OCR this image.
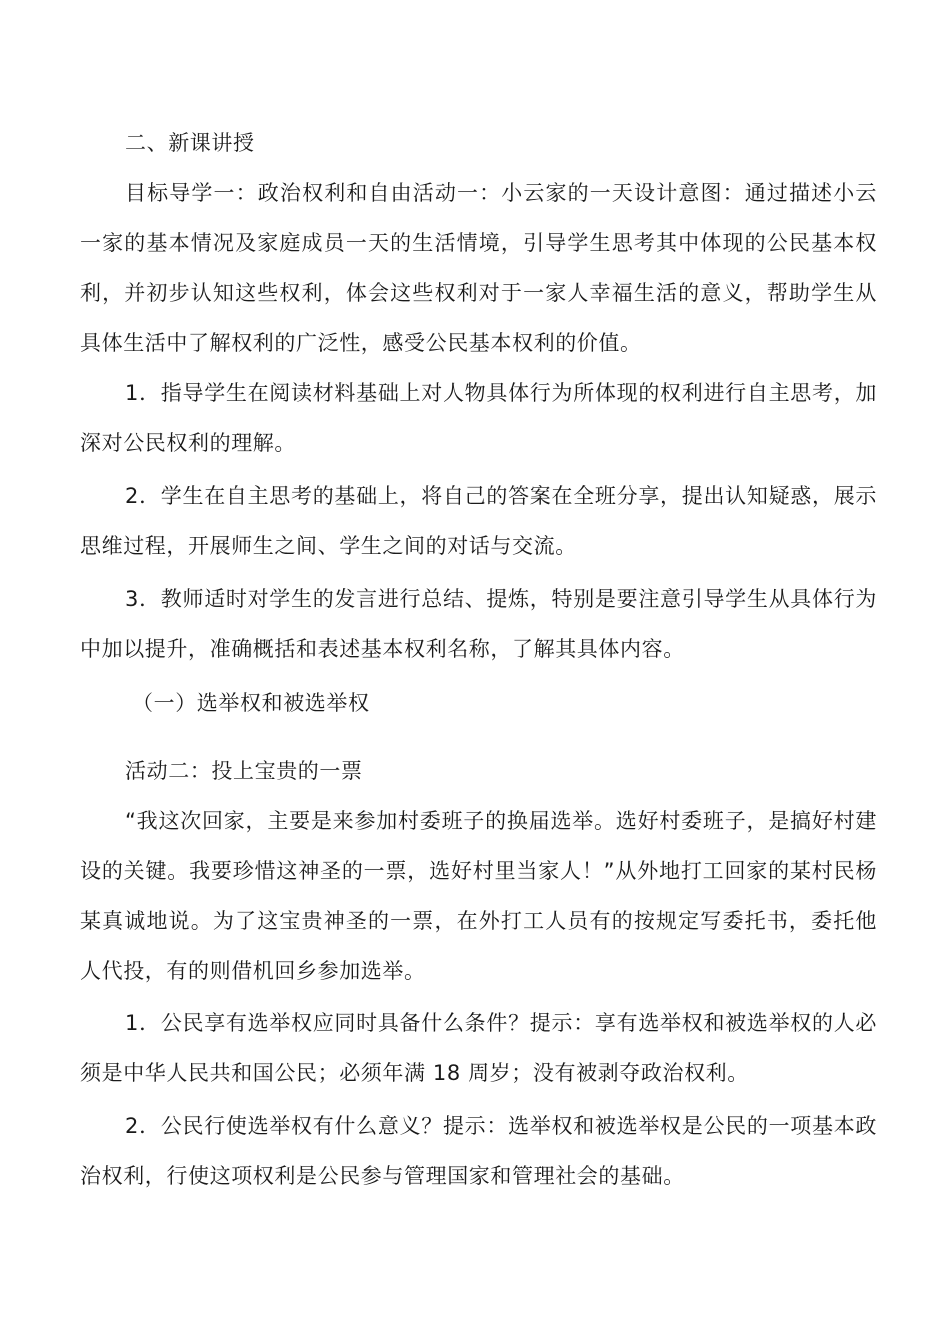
二、新课讲授

目标导学一：政治权利和自由活动一：小云家的一天设计意图：通过描述小云一家的基本情况及家庭成员一天的生活情境，引导学生思考其中体现的公民基本权利，并初步认知这些权利，体会这些权利对于一家人幸福生活的意义，帮助学生从具体生活中了解权利的广泛性，感受公民基本权利的价值。

1．指导学生在阅读材料基础上对人物具体行为所体现的权利进行自主思考，加深对公民权利的理解。

2．学生在自主思考的基础上，将自己的答案在全班分享，提出认知疑惑，展示思维过程，开展师生之间、学生之间的对话与交流。

3．教师适时对学生的发言进行总结、提炼，特别是要注意引导学生从具体行为中加以提升，准确概括和表述基本权利名称，了解其具体内容。

（一）选举权和被选举权

活动二：投上宝贵的一票

“我这次回家，主要是来参加村委班子的换届选举。选好村委班子，是搞好村建设的关键。我要珍惜这神圣的一票，选好村里当家人！”从外地打工回家的某村民杨某真诚地说。为了这宝贵神圣的一票，在外打工人员有的按规定写委托书，委托他人代投，有的则借机回乡参加选举。

1．公民享有选举权应同时具备什么条件？提示：享有选举权和被选举权的人必须是中华人民共和国公民；必须年满 18 周岁；没有被剥夺政治权利。

2．公民行使选举权有什么意义？提示：选举权和被选举权是公民的一项基本政治权利，行使这项权利是公民参与管理国家和管理社会的基础。
